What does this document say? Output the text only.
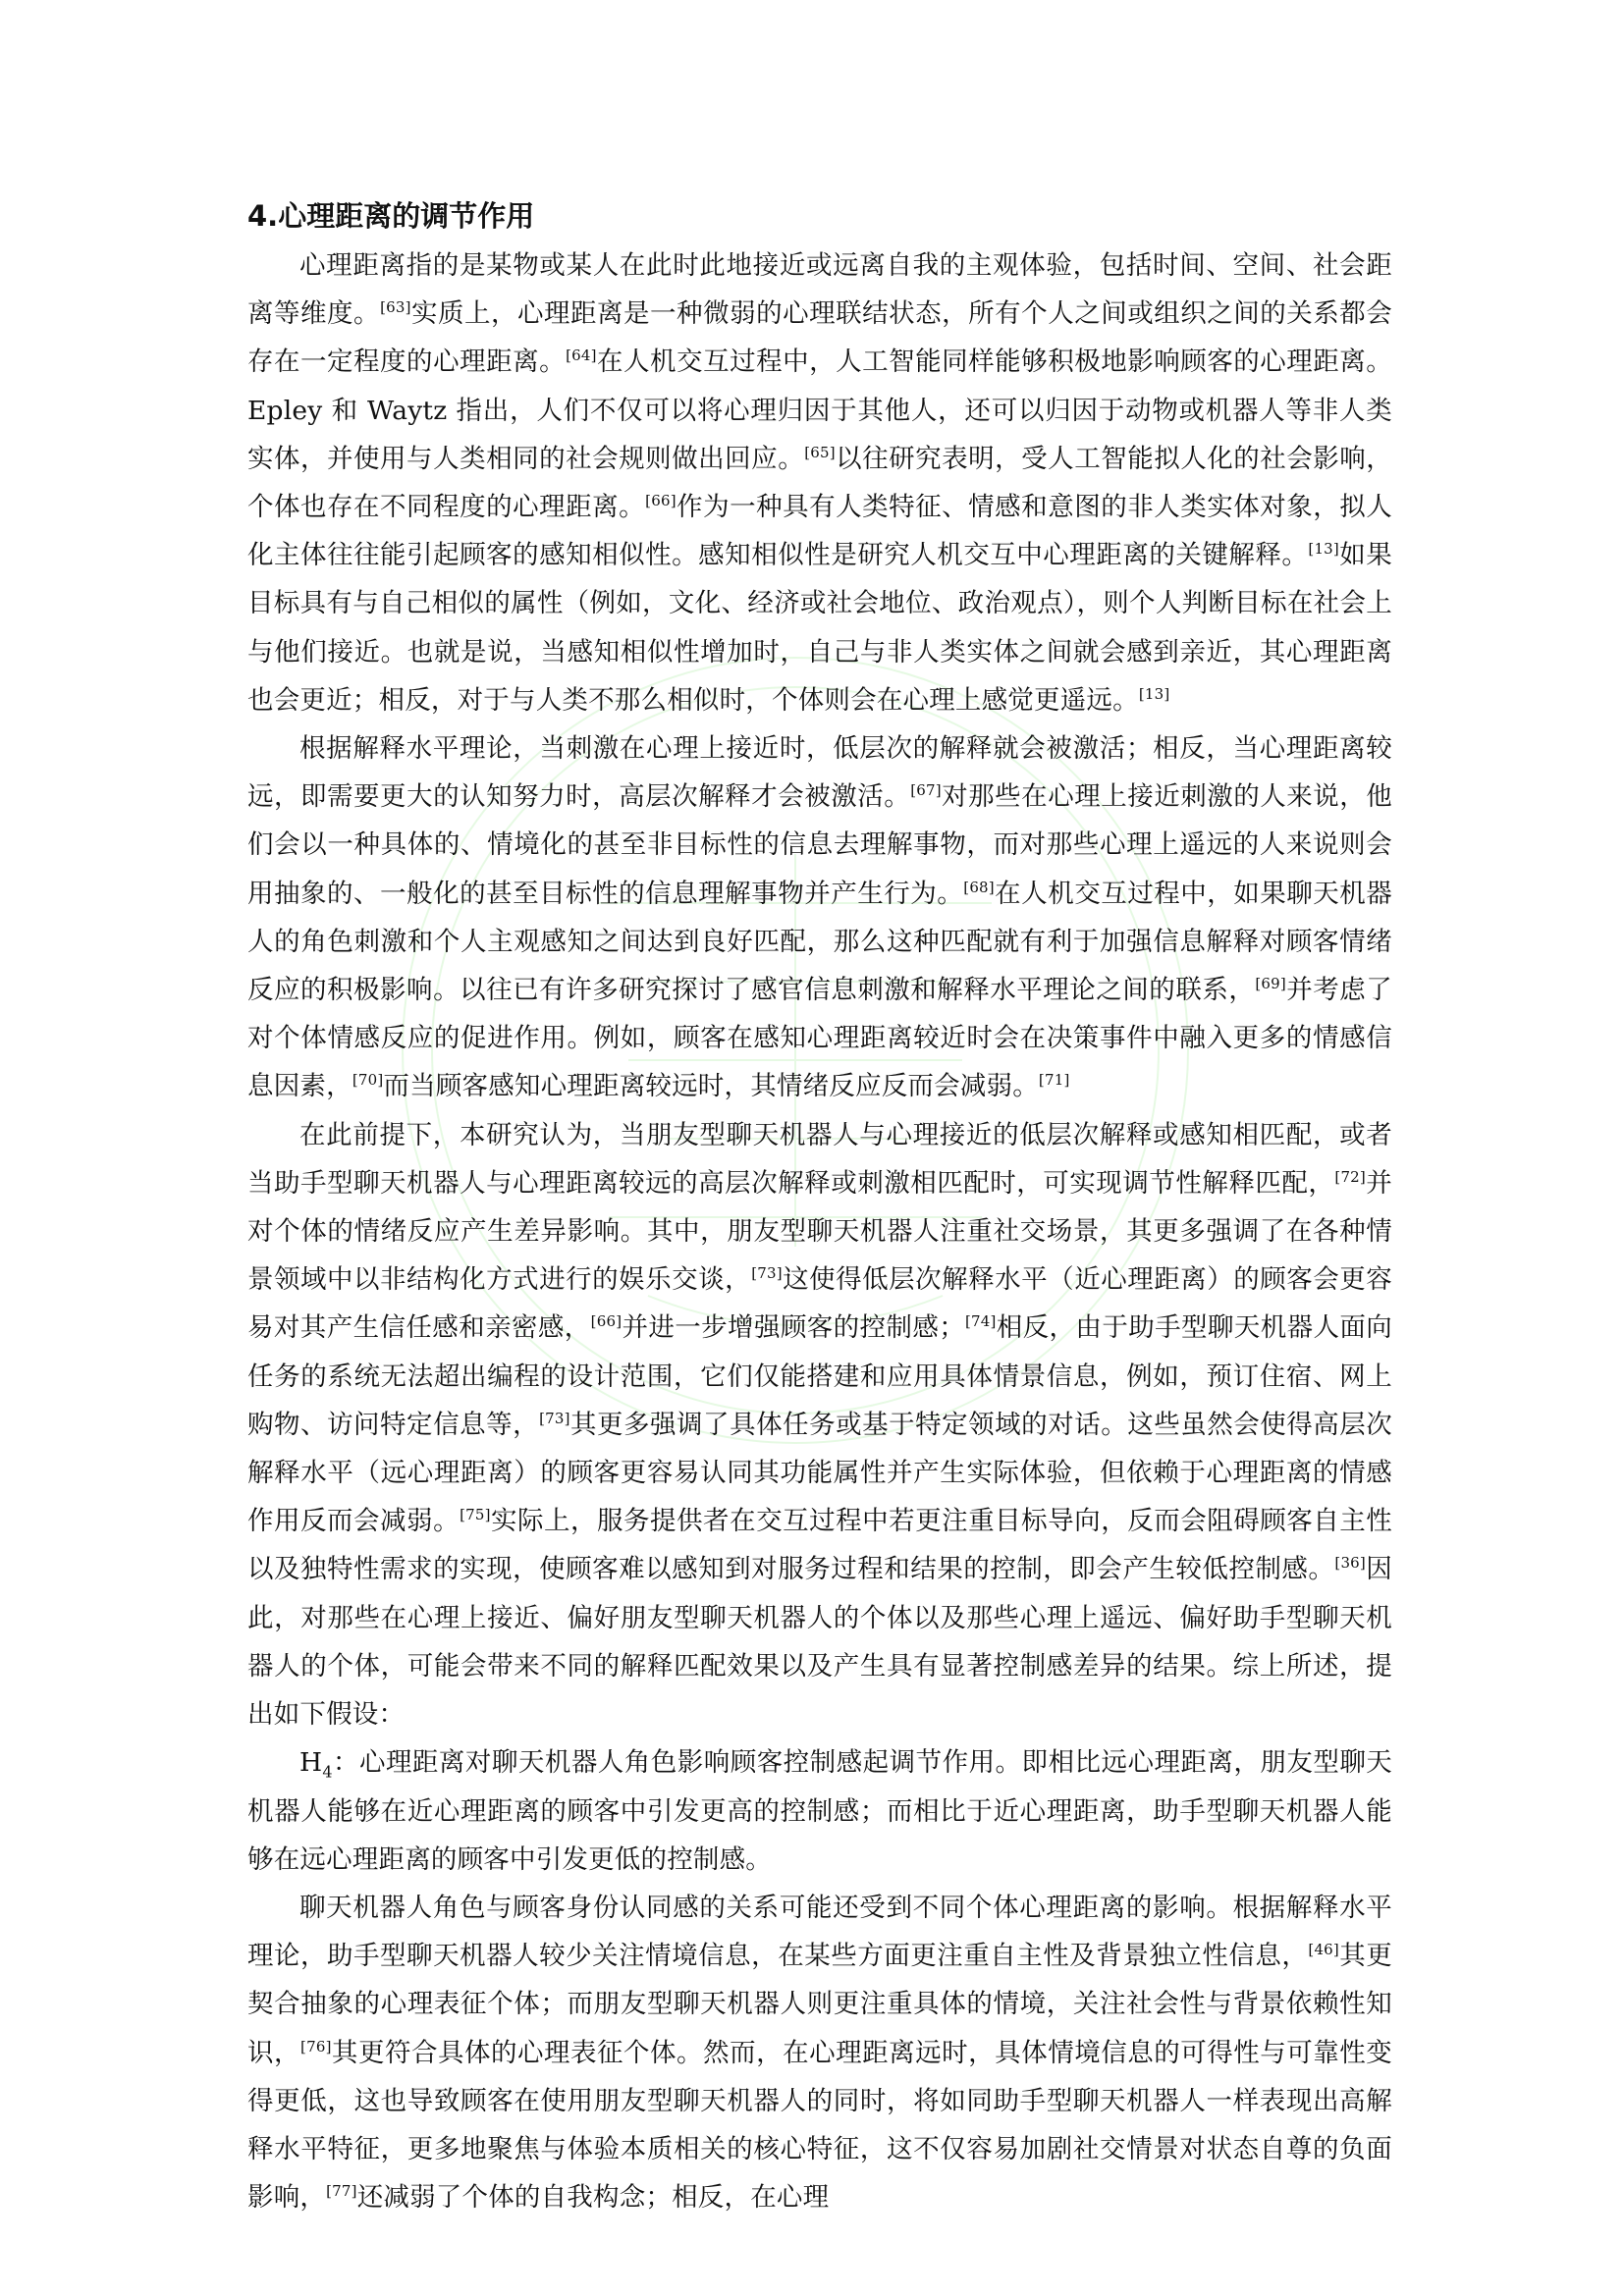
4.心理距离的调节作用

心理距离指的是某物或某人在此时此地接近或远离自我的主观体验，包括时间、空间、社会距离等维度。[63]实质上，心理距离是一种微弱的心理联结状态，所有个人之间或组织之间的关系都会存在一定程度的心理距离。[64]在人机交互过程中，人工智能同样能够积极地影响顾客的心理距离。Epley 和 Waytz 指出，人们不仅可以将心理归因于其他人，还可以归因于动物或机器人等非人类实体，并使用与人类相同的社会规则做出回应。[65]以往研究表明，受人工智能拟人化的社会影响，个体也存在不同程度的心理距离。[66]作为一种具有人类特征、情感和意图的非人类实体对象，拟人化主体往往能引起顾客的感知相似性。感知相似性是研究人机交互中心理距离的关键解释。[13]如果目标具有与自己相似的属性（例如，文化、经济或社会地位、政治观点），则个人判断目标在社会上与他们接近。也就是说，当感知相似性增加时，自己与非人类实体之间就会感到亲近，其心理距离也会更近；相反，对于与人类不那么相似时，个体则会在心理上感觉更遥远。[13]

根据解释水平理论，当刺激在心理上接近时，低层次的解释就会被激活；相反，当心理距离较远，即需要更大的认知努力时，高层次解释才会被激活。[67]对那些在心理上接近刺激的人来说，他们会以一种具体的、情境化的甚至非目标性的信息去理解事物，而对那些心理上遥远的人来说则会用抽象的、一般化的甚至目标性的信息理解事物并产生行为。[68]在人机交互过程中，如果聊天机器人的角色刺激和个人主观感知之间达到良好匹配，那么这种匹配就有利于加强信息解释对顾客情绪反应的积极影响。以往已有许多研究探讨了感官信息刺激和解释水平理论之间的联系，[69]并考虑了对个体情感反应的促进作用。例如，顾客在感知心理距离较近时会在决策事件中融入更多的情感信息因素，[70]而当顾客感知心理距离较远时，其情绪反应反而会减弱。[71]

在此前提下，本研究认为，当朋友型聊天机器人与心理接近的低层次解释或感知相匹配，或者当助手型聊天机器人与心理距离较远的高层次解释或刺激相匹配时，可实现调节性解释匹配，[72]并对个体的情绪反应产生差异影响。其中，朋友型聊天机器人注重社交场景，其更多强调了在各种情景领域中以非结构化方式进行的娱乐交谈，[73]这使得低层次解释水平（近心理距离）的顾客会更容易对其产生信任感和亲密感，[66]并进一步增强顾客的控制感；[74]相反，由于助手型聊天机器人面向任务的系统无法超出编程的设计范围，它们仅能搭建和应用具体情景信息，例如，预订住宿、网上购物、访问特定信息等，[73]其更多强调了具体任务或基于特定领域的对话。这些虽然会使得高层次解释水平（远心理距离）的顾客更容易认同其功能属性并产生实际体验，但依赖于心理距离的情感作用反而会减弱。[75]实际上，服务提供者在交互过程中若更注重目标导向，反而会阻碍顾客自主性以及独特性需求的实现，使顾客难以感知到对服务过程和结果的控制，即会产生较低控制感。[36]因此，对那些在心理上接近、偏好朋友型聊天机器人的个体以及那些心理上遥远、偏好助手型聊天机器人的个体，可能会带来不同的解释匹配效果以及产生具有显著控制感差异的结果。综上所述，提出如下假设：

$H_4$：心理距离对聊天机器人角色影响顾客控制感起调节作用。即相比远心理距离，朋友型聊天机器人能够在近心理距离的顾客中引发更高的控制感；而相比于近心理距离，助手型聊天机器人能够在远心理距离的顾客中引发更低的控制感。

聊天机器人角色与顾客身份认同感的关系可能还受到不同个体心理距离的影响。根据解释水平理论，助手型聊天机器人较少关注情境信息，在某些方面更注重自主性及背景独立性信息，[46]其更契合抽象的心理表征个体；而朋友型聊天机器人则更注重具体的情境，关注社会性与背景依赖性知识，[76]其更符合具体的心理表征个体。然而，在心理距离远时，具体情境信息的可得性与可靠性变得更低，这也导致顾客在使用朋友型聊天机器人的同时，将如同助手型聊天机器人一样表现出高解释水平特征，更多地聚焦与体验本质相关的核心特征，这不仅容易加剧社交情景对状态自尊的负面影响，[77]还减弱了个体的自我构念；相反，在心理
